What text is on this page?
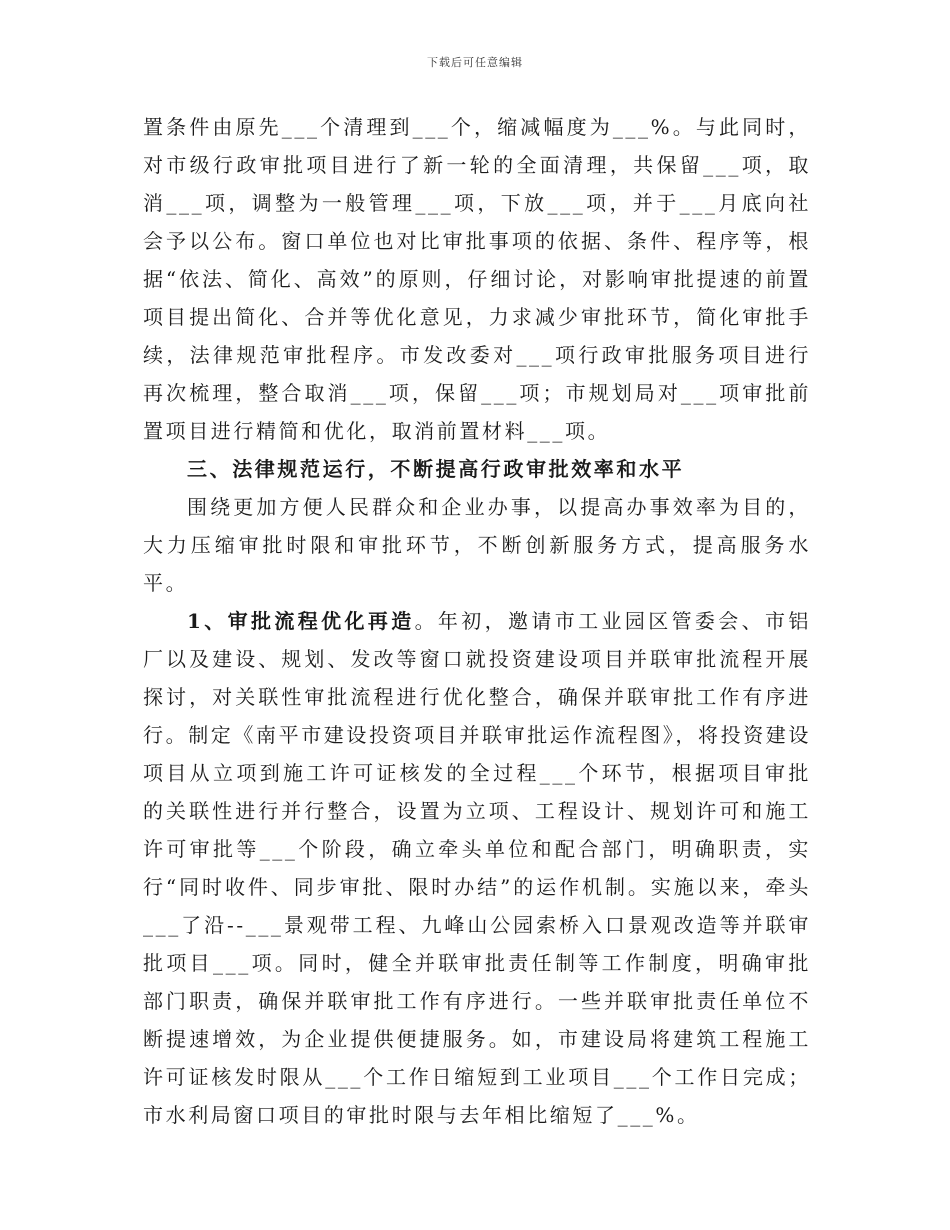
下载后可任意编辑

置条件由原先___个清理到___个，缩减幅度为___%。与此同时，对市级行政审批项目进行了新一轮的全面清理，共保留___项，取消___项，调整为一般管理___项，下放___项，并于___月底向社会予以公布。窗口单位也对比审批事项的依据、条件、程序等，根据“依法、简化、高效”的原则，仔细讨论，对影响审批提速的前置项目提出简化、合并等优化意见，力求减少审批环节，简化审批手续，法律规范审批程序。市发改委对___项行政审批服务项目进行再次梳理，整合取消___项，保留___项；市规划局对___项审批前置项目进行精简和优化，取消前置材料___项。

三、法律规范运行，不断提高行政审批效率和水平

围绕更加方便人民群众和企业办事，以提高办事效率为目的，大力压缩审批时限和审批环节，不断创新服务方式，提高服务水平。

1、审批流程优化再造。年初，邀请市工业园区管委会、市铝厂以及建设、规划、发改等窗口就投资建设项目并联审批流程开展探讨，对关联性审批流程进行优化整合，确保并联审批工作有序进行。制定《南平市建设投资项目并联审批运作流程图》，将投资建设项目从立项到施工许可证核发的全过程___个环节，根据项目审批的关联性进行并行整合，设置为立项、工程设计、规划许可和施工许可审批等___个阶段，确立牵头单位和配合部门，明确职责，实行“同时收件、同步审批、限时办结”的运作机制。实施以来，牵头___了沿--___景观带工程、九峰山公园索桥入口景观改造等并联审批项目___项。同时，健全并联审批责任制等工作制度，明确审批部门职责，确保并联审批工作有序进行。一些并联审批责任单位不断提速增效，为企业提供便捷服务。如，市建设局将建筑工程施工许可证核发时限从___个工作日缩短到工业项目___个工作日完成；市水利局窗口项目的审批时限与去年相比缩短了___%。
